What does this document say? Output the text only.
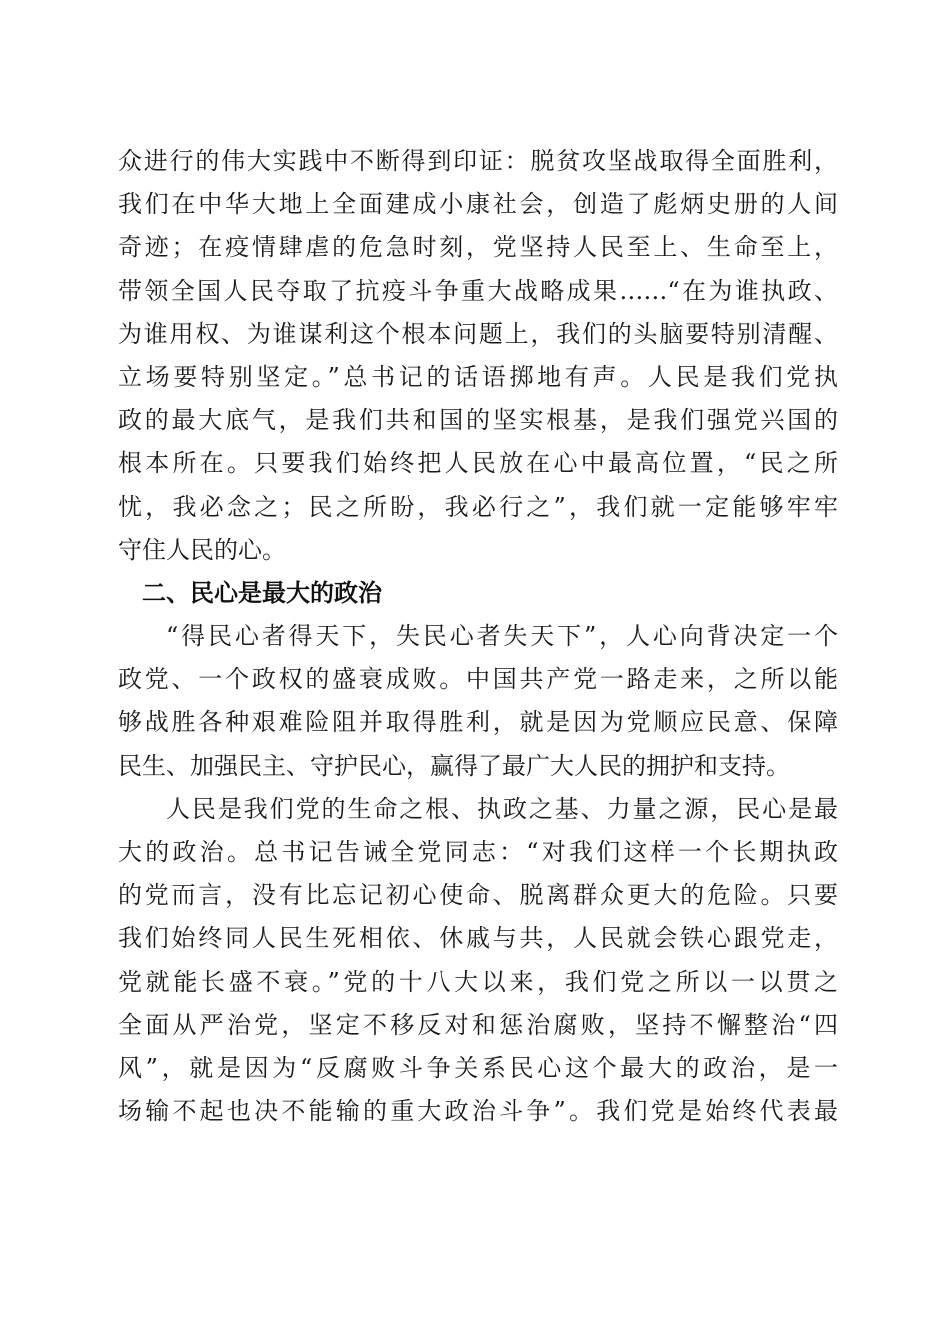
众进行的伟大实践中不断得到印证：脱贫攻坚战取得全面胜利，
我们在中华大地上全面建成小康社会，创造了彪炳史册的人间
奇迹；在疫情肆虐的危急时刻，党坚持人民至上、生命至上，
带领全国人民夺取了抗疫斗争重大战略成果……“在为谁执政、
为谁用权、为谁谋利这个根本问题上，我们的头脑要特别清醒、
立场要特别坚定。”总书记的话语掷地有声。人民是我们党执
政的最大底气，是我们共和国的坚实根基，是我们强党兴国的
根本所在。只要我们始终把人民放在心中最高位置，“民之所
忧，我必念之；民之所盼，我必行之”，我们就一定能够牢牢
守住人民的心。
二、民心是最大的政治
“得民心者得天下，失民心者失天下”，人心向背决定一个
政党、一个政权的盛衰成败。中国共产党一路走来，之所以能
够战胜各种艰难险阻并取得胜利，就是因为党顺应民意、保障
民生、加强民主、守护民心，赢得了最广大人民的拥护和支持。
人民是我们党的生命之根、执政之基、力量之源，民心是最
大的政治。总书记告诫全党同志：“对我们这样一个长期执政
的党而言，没有比忘记初心使命、脱离群众更大的危险。只要
我们始终同人民生死相依、休戚与共，人民就会铁心跟党走，
党就能长盛不衰。”党的十八大以来，我们党之所以一以贯之
全面从严治党，坚定不移反对和惩治腐败，坚持不懈整治“四
风”，就是因为“反腐败斗争关系民心这个最大的政治，是一
场输不起也决不能输的重大政治斗争”。我们党是始终代表最
